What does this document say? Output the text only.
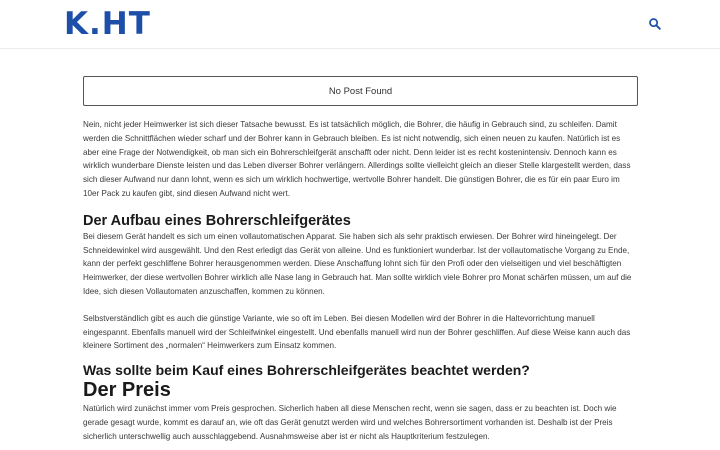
K.HT
No Post Found

Nein, nicht jeder Heimwerker ist sich dieser Tatsache bewusst. Es ist tatsächlich möglich, die Bohrer, die häufig in Gebrauch sind, zu schleifen. Damit werden die Schnittflächen wieder scharf und der Bohrer kann in Gebrauch bleiben. Es ist nicht notwendig, sich einen neuen zu kaufen. Natürlich ist es aber eine Frage der Notwendigkeit, ob man sich ein Bohrerschleifgerät anschafft oder nicht. Denn leider ist es recht kostenintensiv. Dennoch kann es wirklich wunderbare Dienste leisten und das Leben diverser Bohrer verlängern. Allerdings sollte vielleicht gleich an dieser Stelle klargestellt werden, dass sich dieser Aufwand nur dann lohnt, wenn es sich um wirklich hochwertige, wertvolle Bohrer handelt. Die günstigen Bohrer, die es für ein paar Euro im 10er Pack zu kaufen gibt, sind diesen Aufwand nicht wert.

Der Aufbau eines Bohrerschleifgerätes

Bei diesem Gerät handelt es sich um einen vollautomatischen Apparat. Sie haben sich als sehr praktisch erwiesen. Der Bohrer wird hineingelegt. Der Schneidewinkel wird ausgewählt. Und den Rest erledigt das Gerät von alleine. Und es funktioniert wunderbar. Ist der vollautomatische Vorgang zu Ende, kann der perfekt geschliffene Bohrer herausgenommen werden. Diese Anschaffung lohnt sich für den Profi oder den vielseitigen und viel beschäftigten Heimwerker, der diese wertvollen Bohrer wirklich alle Nase lang in Gebrauch hat. Man sollte wirklich viele Bohrer pro Monat schärfen müssen, um auf die Idee, sich diesen Vollautomaten anzuschaffen, kommen zu können.

Selbstverständlich gibt es auch die günstige Variante, wie so oft im Leben. Bei diesen Modellen wird der Bohrer in die Haltevorrichtung manuell eingespannt. Ebenfalls manuell wird der Schleifwinkel eingestellt. Und ebenfalls manuell wird nun der Bohrer geschliffen. Auf diese Weise kann auch das kleinere Sortiment des „normalen“ Heimwerkers zum Einsatz kommen.

Was sollte beim Kauf eines Bohrerschleifgerätes beachtet werden?
Der Preis

Natürlich wird zunächst immer vom Preis gesprochen. Sicherlich haben all diese Menschen recht, wenn sie sagen, dass er zu beachten ist. Doch wie gerade gesagt wurde, kommt es darauf an, wie oft das Gerät genutzt werden wird und welches Bohrersortiment vorhanden ist. Deshalb ist der Preis sicherlich unterschwellig auch ausschlaggebend. Ausnahmsweise aber ist er nicht als Hauptkriterium festzulegen.
